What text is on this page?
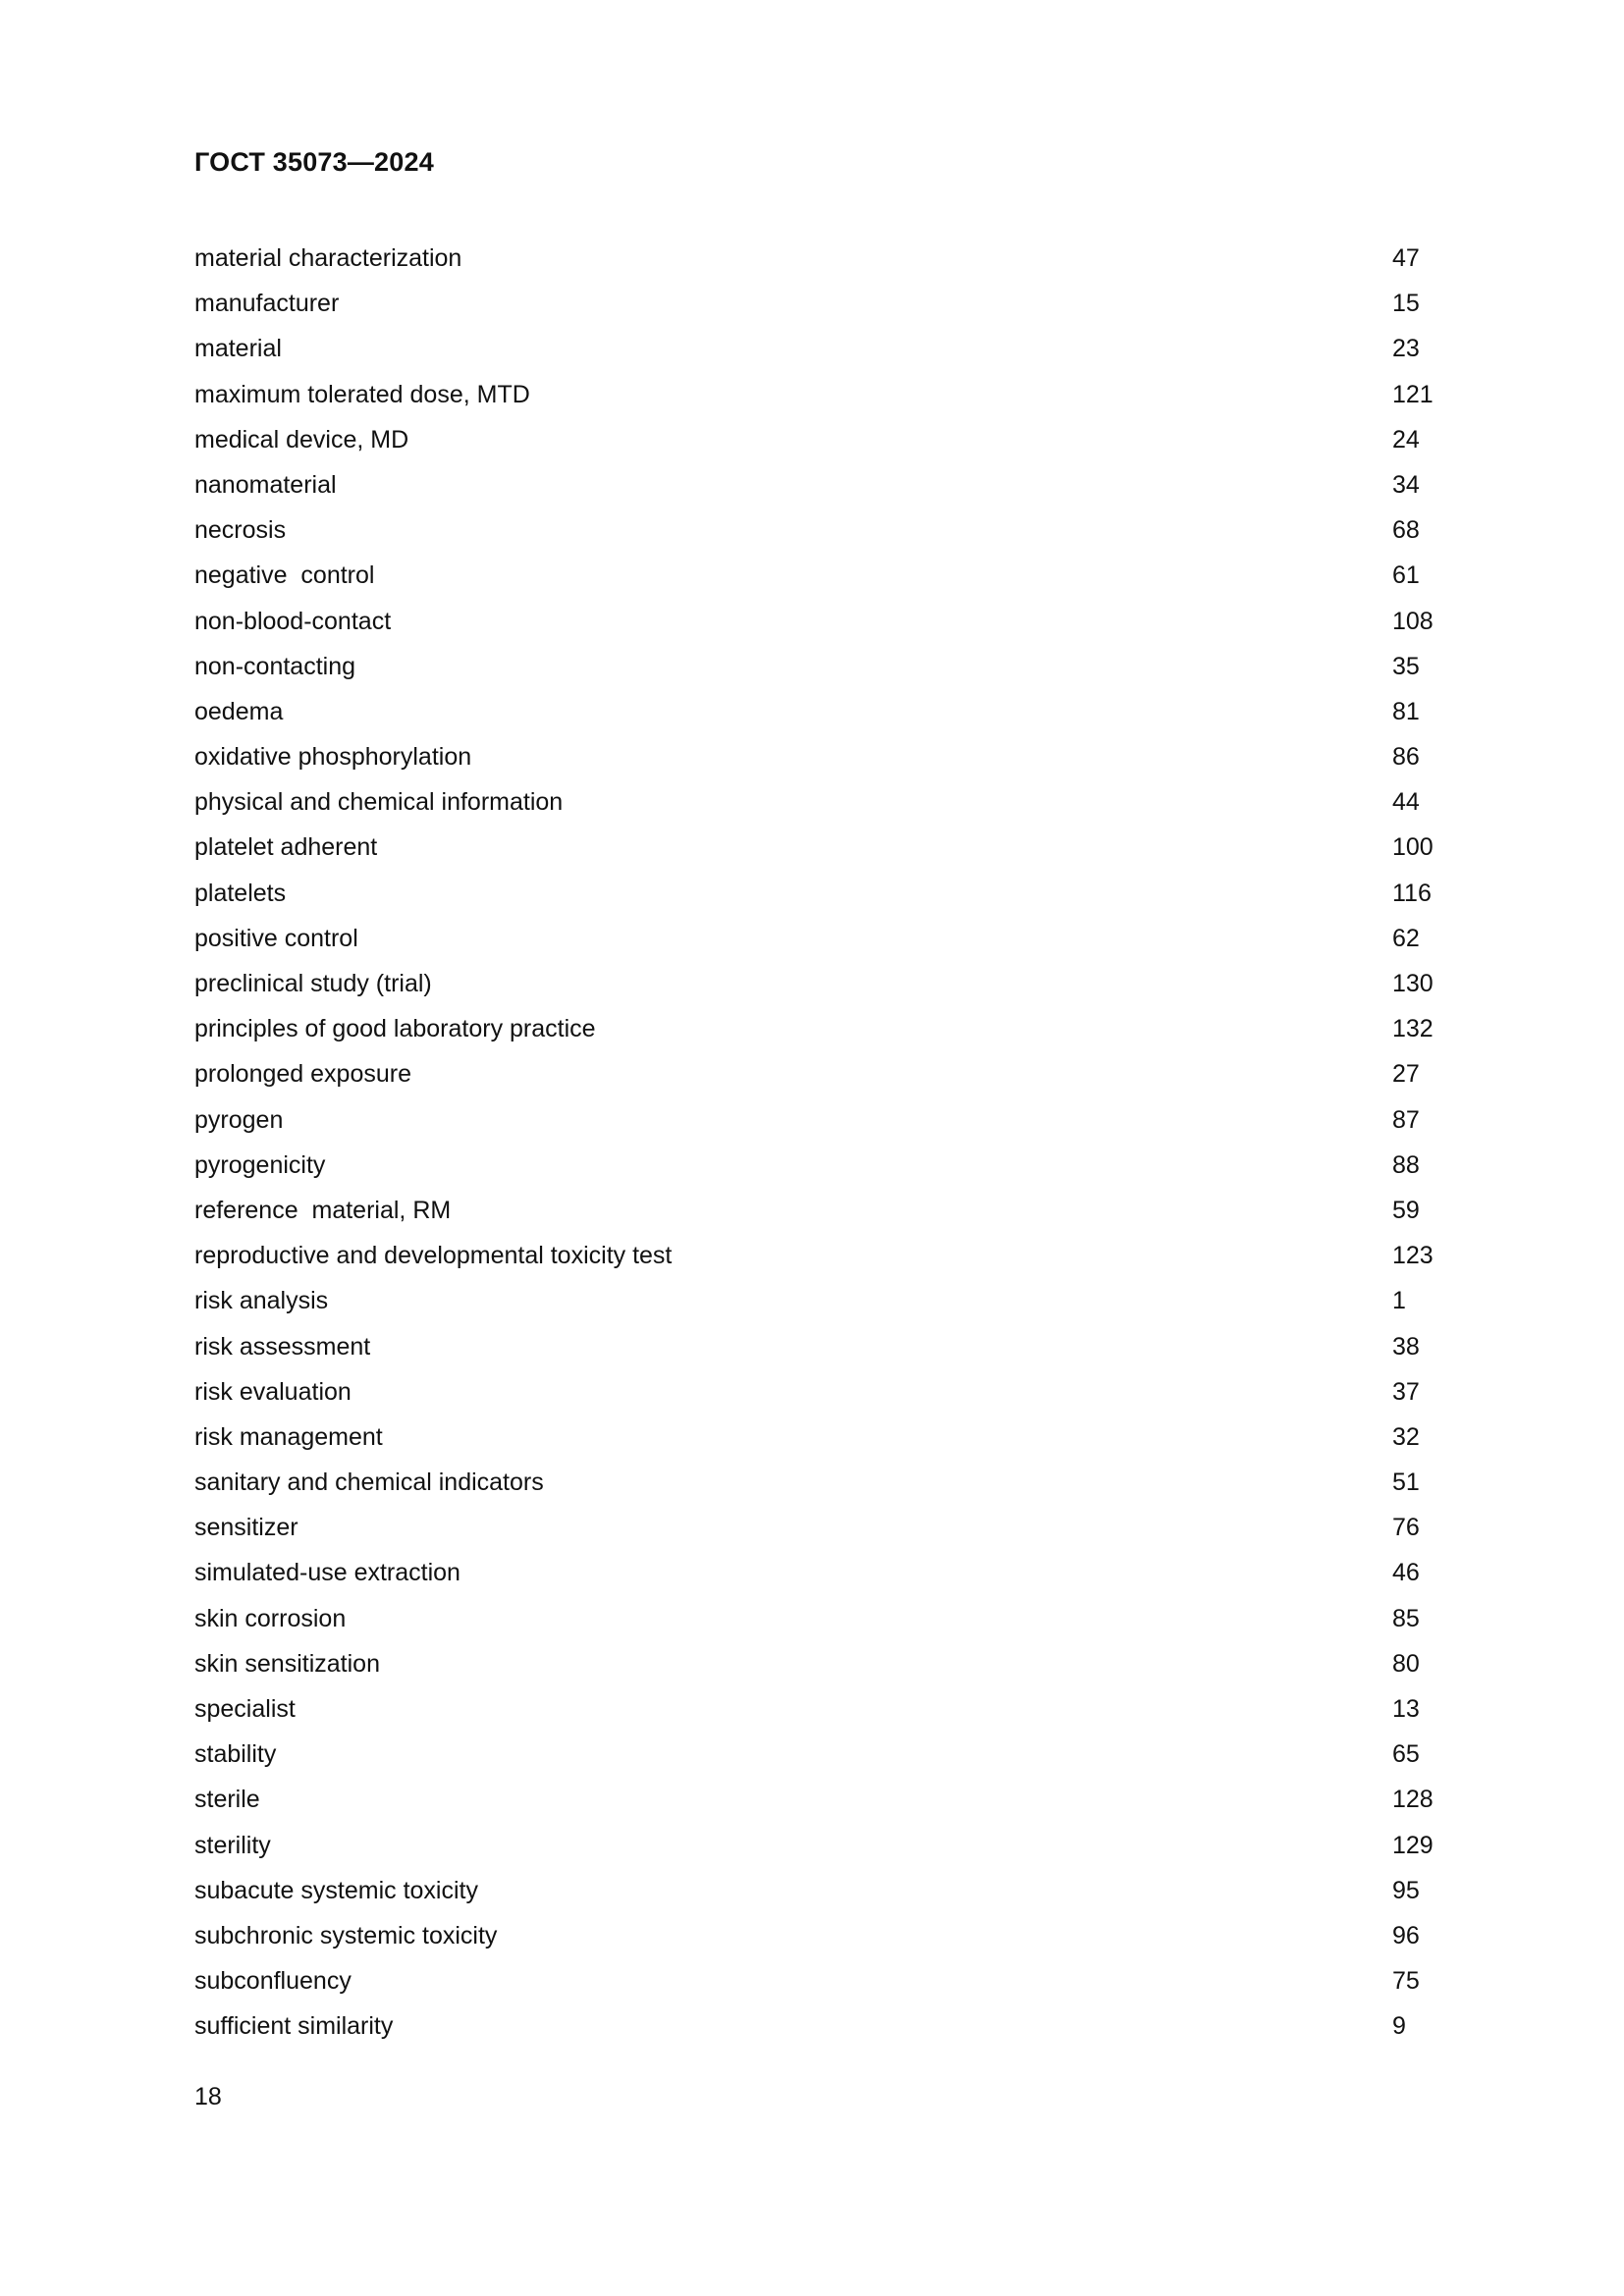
ГОСТ 35073—2024
material characterization	47
manufacturer	15
material	23
maximum tolerated dose, MTD	121
medical device, MD	24
nanomaterial	34
necrosis	68
negative  control	61
non-blood-contact	108
non-contacting	35
oedema	81
oxidative phosphorylation	86
physical and chemical information	44
platelet adherent	100
platelets	116
positive control	62
preclinical study (trial)	130
principles of good laboratory practice	132
prolonged exposure	27
pyrogen	87
pyrogenicity	88
reference  material, RM	59
reproductive and developmental toxicity test	123
risk analysis	1
risk assessment	38
risk evaluation	37
risk management	32
sanitary and chemical indicators	51
sensitizer	76
simulated-use extraction	46
skin corrosion	85
skin sensitization	80
specialist	13
stability	65
sterile	128
sterility	129
subacute systemic toxicity	95
subchronic systemic toxicity	96
subconfluency	75
sufficient similarity	9
18
